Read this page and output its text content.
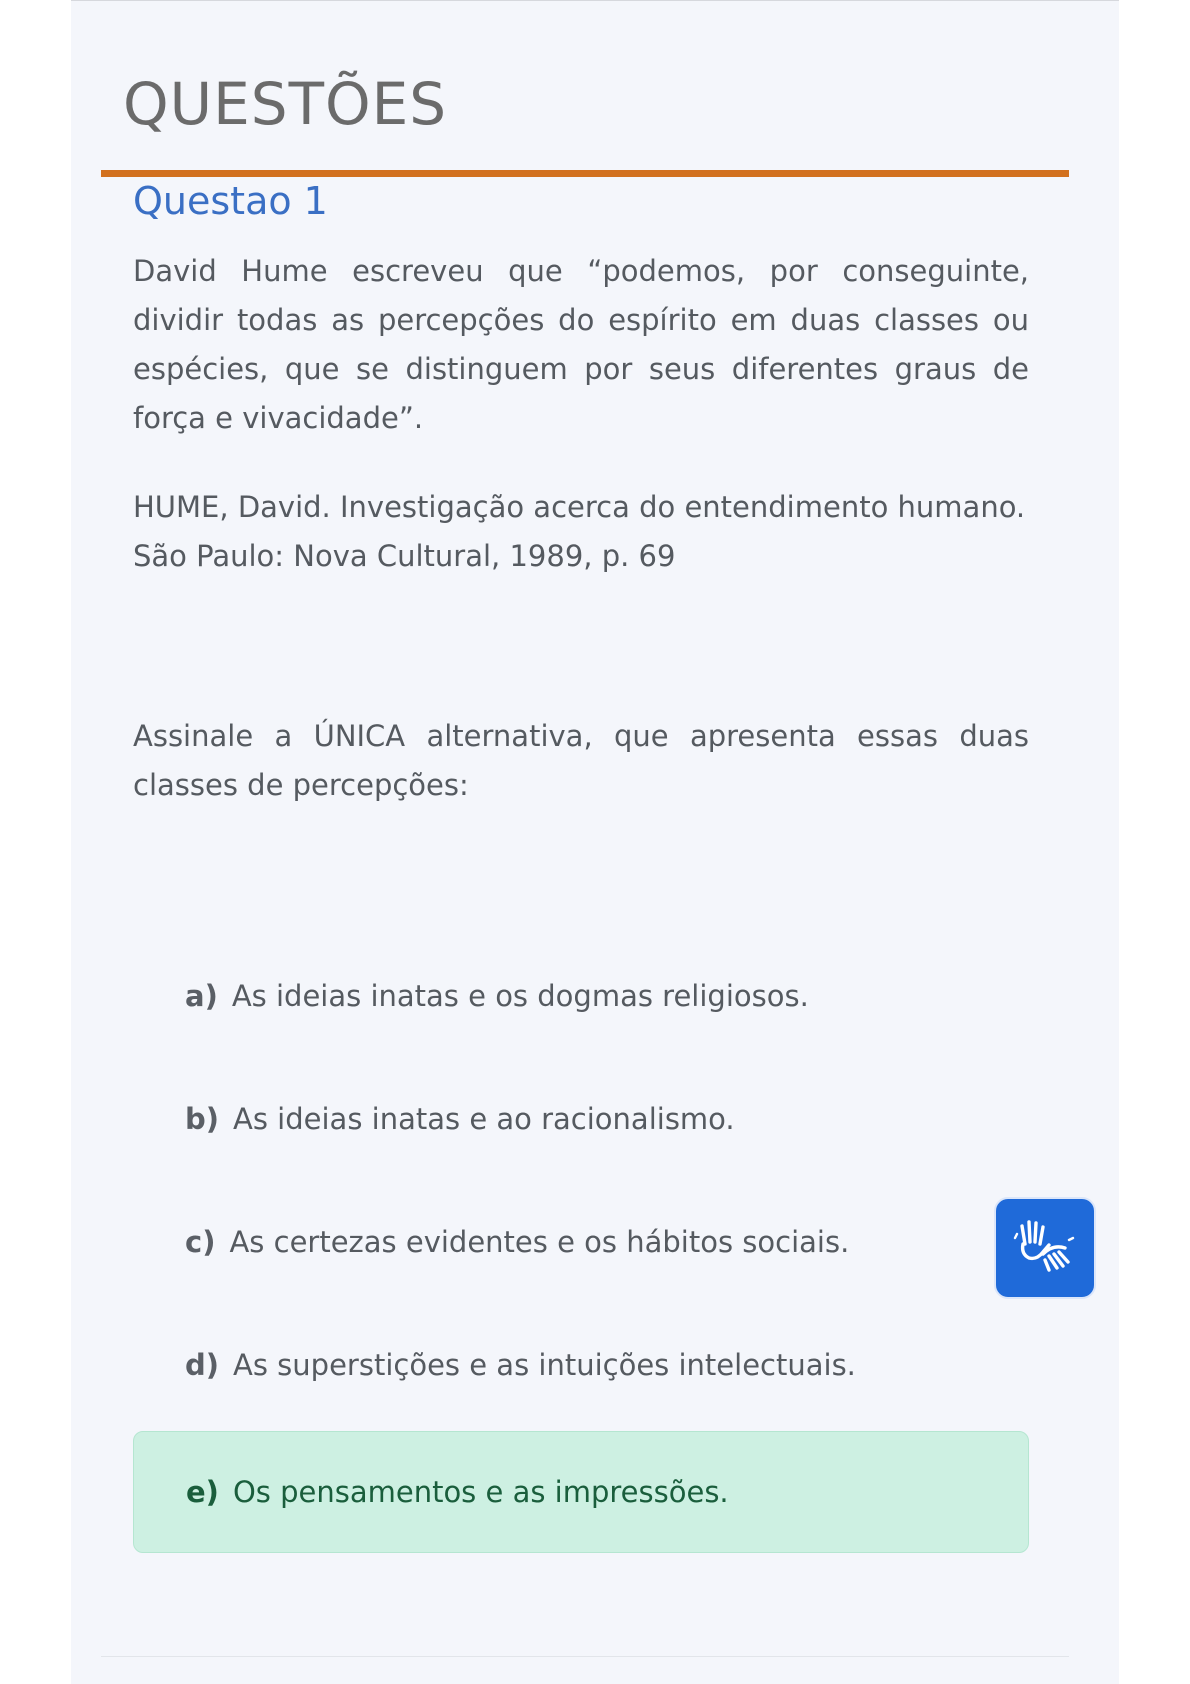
QUESTÕES
Questao 1

David Hume escreveu que “podemos, por conseguinte, dividir todas as percepções do espírito em duas classes ou espécies, que se distinguem por seus diferentes graus de força e vivacidade”.

HUME, David. Investigação acerca do entendimento humano. São Paulo: Nova Cultural, 1989, p. 69

Assinale a ÚNICA alternativa, que apresenta essas duas classes de percepções:

a) As ideias inatas e os dogmas religiosos.
b) As ideias inatas e ao racionalismo.
c) As certezas evidentes e os hábitos sociais.
d) As superstições e as intuições intelectuais.
e) Os pensamentos e as impressões.
